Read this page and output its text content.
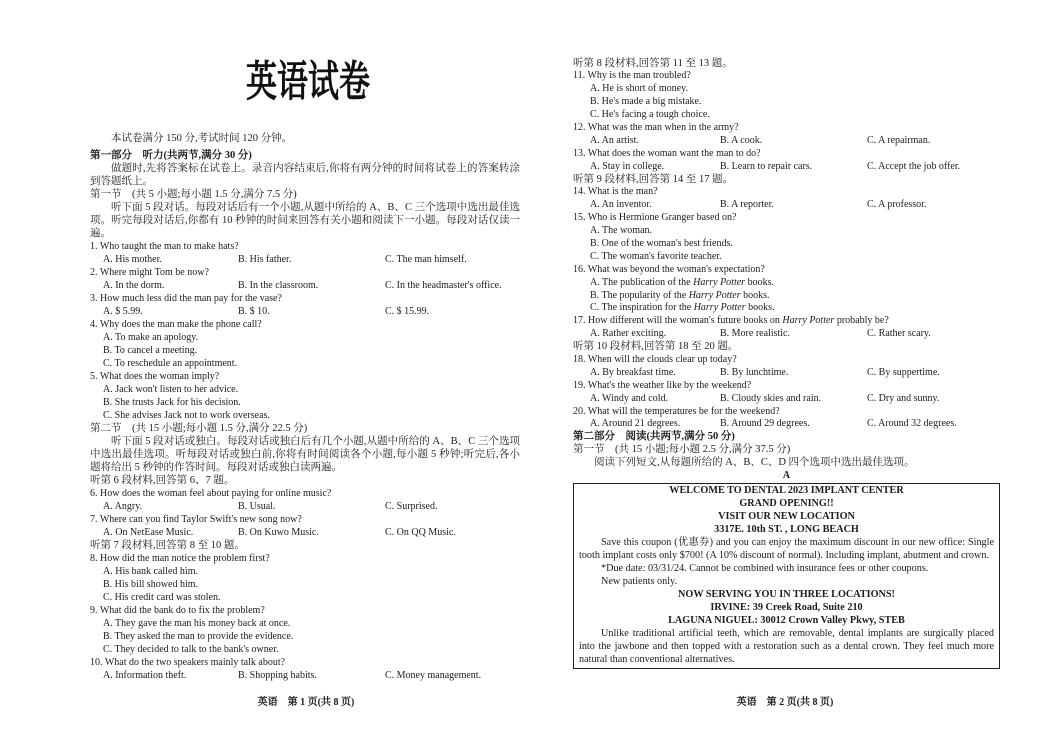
英语试卷
本试卷满分 150 分,考试时间 120 分钟。
第一部分　听力(共两节,满分 30 分)
做题时,先将答案标在试卷上。录音内容结束后,你将有两分钟的时间将试卷上的答案转涂到答题纸上。
第一节　(共 5 小题;每小题 1.5 分,满分 7.5 分)
听下面 5 段对话。每段对话后有一个小题,从题中所给的 A、B、C 三个选项中选出最佳选项。听完每段对话后,你都有 10 秒钟的时间来回答有关小题和阅读下一小题。每段对话仅读一遍。
1. Who taught the man to make hats?
A. His mother.	B. His father.	C. The man himself.
2. Where might Tom be now?
A. In the dorm.	B. In the classroom.	C. In the headmaster's office.
3. How much less did the man pay for the vase?
A. $ 5.99.	B. $ 10.	C. $ 15.99.
4. Why does the man make the phone call?
A. To make an apology.
B. To cancel a meeting.
C. To reschedule an appointment.
5. What does the woman imply?
A. Jack won't listen to her advice.
B. She trusts Jack for his decision.
C. She advises Jack not to work overseas.
第二节　(共 15 小题;每小题 1.5 分,满分 22.5 分)
听下面 5 段对话或独白。每段对话或独白后有几个小题,从题中所给的 A、B、C 三个选项中选出最佳选项。听每段对话或独白前,你将有时间阅读各个小题,每小题 5 秒钟;听完后,各小题将给出 5 秒钟的作答时间。每段对话或独白读两遍。
听第 6 段材料,回答第 6、7 题。
6. How does the woman feel about paying for online music?
A. Angry.	B. Usual.	C. Surprised.
7. Where can you find Taylor Swift's new song now?
A. On NetEase Music.	B. On Kuwo Music.	C. On QQ Music.
听第 7 段材料,回答第 8 至 10 题。
8. How did the man notice the problem first?
A. His bank called him.
B. His bill showed him.
C. His credit card was stolen.
9. What did the bank do to fix the problem?
A. They gave the man his money back at once.
B. They asked the man to provide the evidence.
C. They decided to talk to the bank's owner.
10. What do the two speakers mainly talk about?
A. Information theft.	B. Shopping habits.	C. Money management.
英语　第 1 页(共 8 页)
听第 8 段材料,回答第 11 至 13 题。
11. Why is the man troubled?
A. He is short of money.
B. He's made a big mistake.
C. He's facing a tough choice.
12. What was the man when in the army?
A. An artist.	B. A cook.	C. A repairman.
13. What does the woman want the man to do?
A. Stay in college.	B. Learn to repair cars.	C. Accept the job offer.
听第 9 段材料,回答第 14 至 17 题。
14. What is the man?
A. An inventor.	B. A reporter.	C. A professor.
15. Who is Hermione Granger based on?
A. The woman.
B. One of the woman's best friends.
C. The woman's favorite teacher.
16. What was beyond the woman's expectation?
A. The publication of the Harry Potter books.
B. The popularity of the Harry Potter books.
C. The inspiration for the Harry Potter books.
17. How different will the woman's future books on Harry Potter probably be?
A. Rather exciting.	B. More realistic.	C. Rather scary.
听第 10 段材料,回答第 18 至 20 题。
18. When will the clouds clear up today?
A. By breakfast time.	B. By lunchtime.	C. By suppertime.
19. What's the weather like by the weekend?
A. Windy and cold.	B. Cloudy skies and rain.	C. Dry and sunny.
20. What will the temperatures be for the weekend?
A. Around 21 degrees.	B. Around 29 degrees.	C. Around 32 degrees.
第二部分　阅读(共两节,满分 50 分)
第一节　(共 15 小题;每小题 2.5 分,满分 37.5 分)
阅读下列短文,从每题所给的 A、B、C、D 四个选项中选出最佳选项。
A
WELCOME TO DENTAL 2023 IMPLANT CENTER
GRAND OPENING!!
VISIT OUR NEW LOCATION
3317E. 10th ST. , LONG BEACH
Save this coupon (优惠券) and you can enjoy the maximum discount in our new office: Single tooth implant costs only $700! (A 10% discount of normal). Including implant, abutment and crown.
*Due date: 03/31/24. Cannot be combined with insurance fees or other coupons.
New patients only.
NOW SERVING YOU IN THREE LOCATIONS!
IRVINE: 39 Creek Road, Suite 210
LAGUNA NIGUEL: 30012 Crown Valley Pkwy, STEB
Unlike traditional artificial teeth, which are removable, dental implants are surgically placed into the jawbone and then topped with a restoration such as a dental crown. They feel much more natural than conventional alternatives.
英语　第 2 页(共 8 页)
